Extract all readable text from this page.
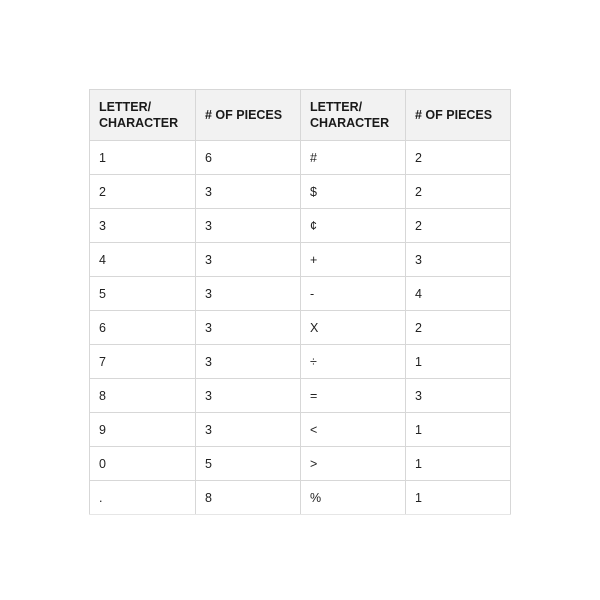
LETTER/ CHARACTER	# OF PIECES	LETTER/ CHARACTER	# OF PIECES
1	6	#	2
2	3	$	2
3	3	¢	2
4	3	+	3
5	3	-	4
6	3	X	2
7	3	÷	1
8	3	=	3
9	3	<	1
0	5	>	1
.	8	%	1
